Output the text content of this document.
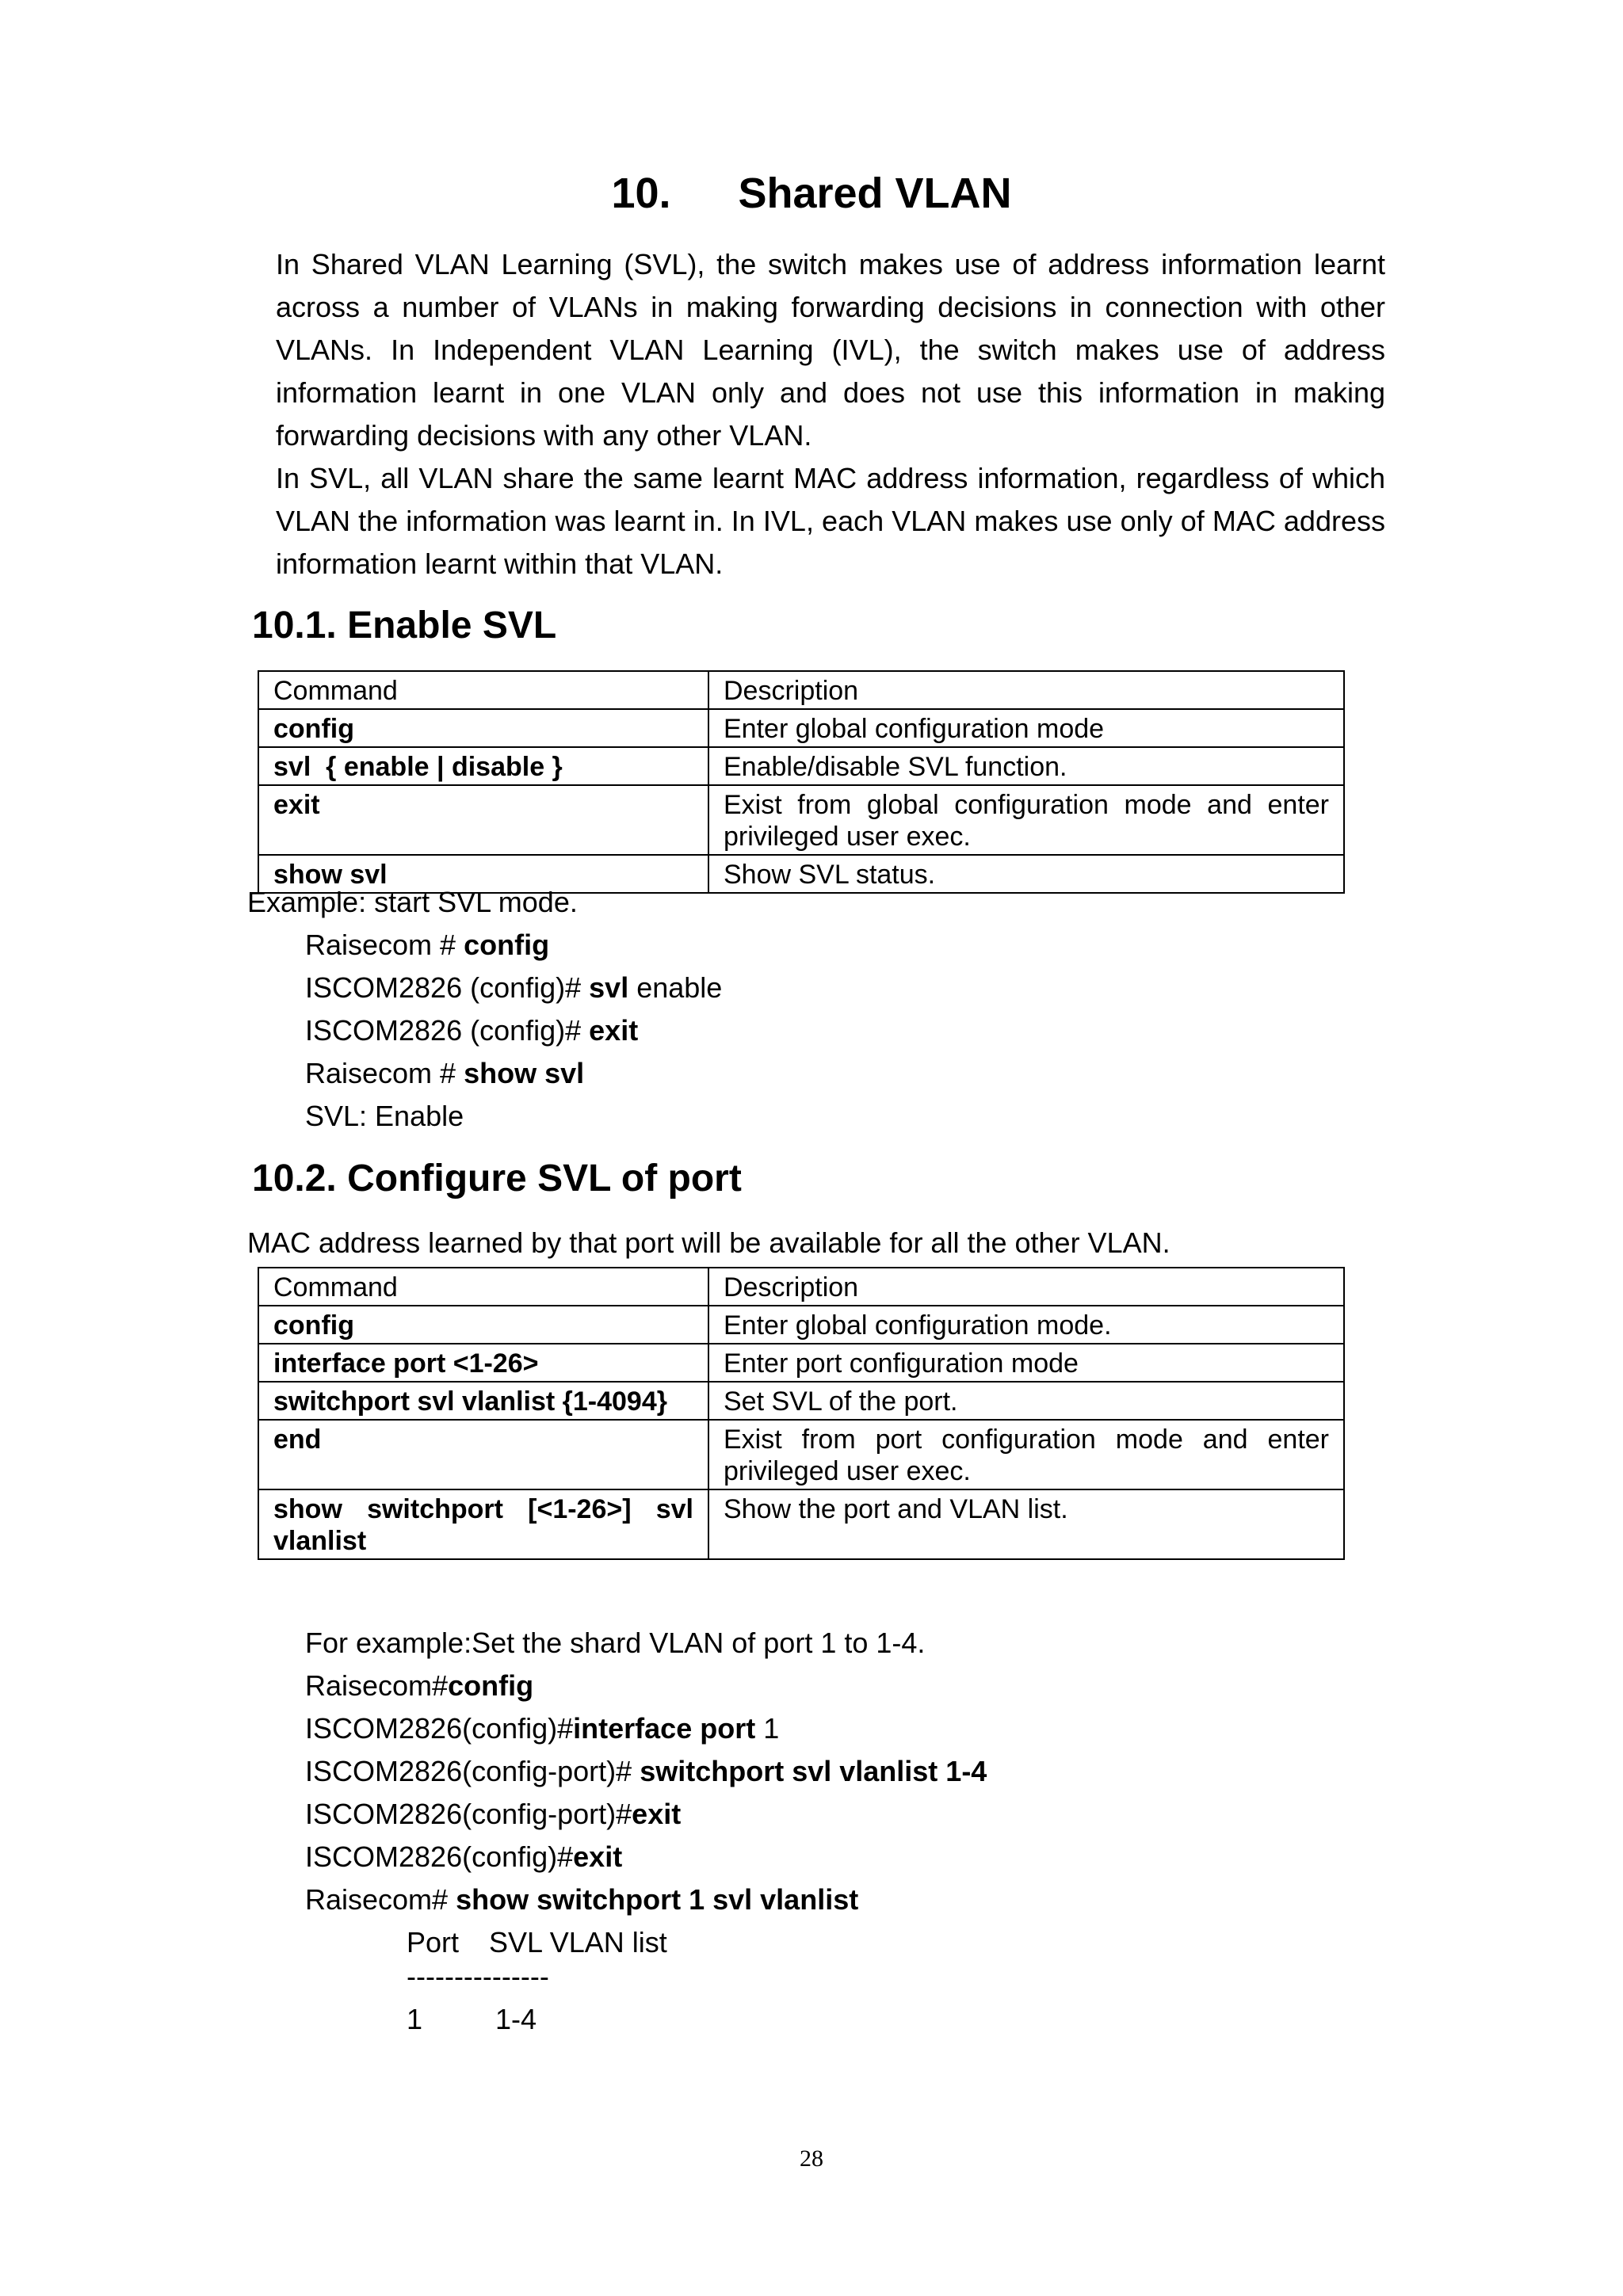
10. Shared VLAN

In Shared VLAN Learning (SVL), the switch makes use of address information learnt across a number of VLANs in making forwarding decisions in connection with other VLANs. In Independent VLAN Learning (IVL), the switch makes use of address information learnt in one VLAN only and does not use this information in making forwarding decisions with any other VLAN.

In SVL, all VLAN share the same learnt MAC address information, regardless of which VLAN the information was learnt in. In IVL, each VLAN makes use only of MAC address information learnt within that VLAN.

10.1. Enable SVL
Command	Description
config	Enter global configuration mode
svl  { enable | disable }	Enable/disable SVL function.
exit	Exist from global configuration mode and enter privileged user exec.
show svl	Show SVL status.
Example: start SVL mode.
Raisecom # config
ISCOM2826 (config)# svl enable
ISCOM2826 (config)# exit
Raisecom # show svl
SVL: Enable
10.2. Configure SVL of port
MAC address learned by that port will be available for all the other VLAN.
Command	Description
config	Enter global configuration mode.
interface port <1-26>	Enter port configuration mode
switchport svl vlanlist {1-4094}	Set SVL of the port.
end	Exist from port configuration mode and enter privileged user exec.
show switchport [<1-26>] svl vlanlist	Show the port and VLAN list.
For example:Set the shard VLAN of port 1 to 1-4.
Raisecom#config
ISCOM2826(config)#interface port 1
ISCOM2826(config-port)# switchport svl vlanlist 1-4
ISCOM2826(config-port)#exit
ISCOM2826(config)#exit
Raisecom# show switchport 1 svl vlanlist
Port SVL VLAN list
---------------
1	1-4
28
